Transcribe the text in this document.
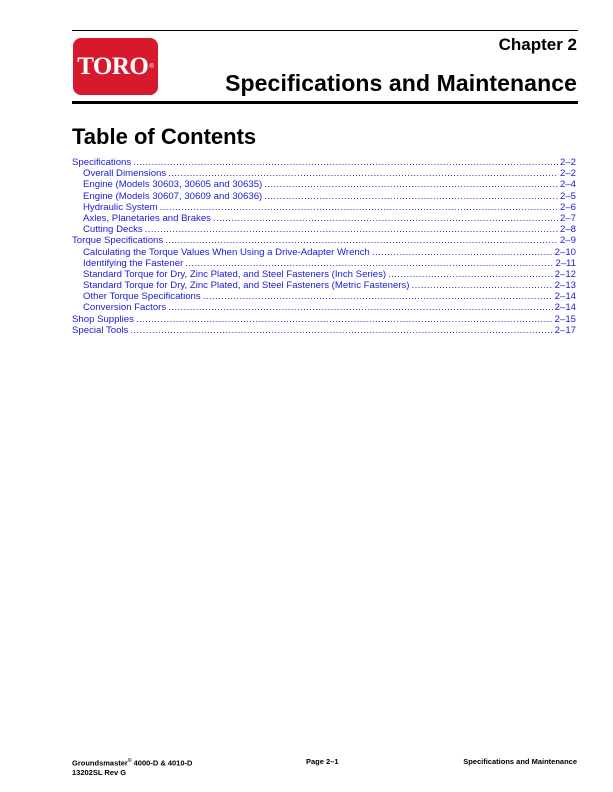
TORO ®
Chapter 2
Specifications and Maintenance
Table of Contents
Specifications .....	2–2
Overall Dimensions .....	2–2
Engine (Models 30603, 30605 and 30635) .....	2–4
Engine (Models 30607, 30609 and 30636) .....	2–5
Hydraulic System .....	2–6
Axles, Planetaries and Brakes .....	2–7
Cutting Decks .....	2–8
Torque Specifications .....	2–9
Calculating the Torque Values When Using a Drive-Adapter Wrench .....	2–10
Identifying the Fastener .....	2–11
Standard Torque for Dry, Zinc Plated, and Steel Fasteners (Inch Series) .....	2–12
Standard Torque for Dry, Zinc Plated, and Steel Fasteners (Metric Fasteners) .....	2–13
Other Torque Specifications .....	2–14
Conversion Factors .....	2–14
Shop Supplies .....	2–15
Special Tools .....	2–17
Groundsmaster© 4000-D & 4010-D
13202SL Rev G
Page 2–1	Specifications and Maintenance
